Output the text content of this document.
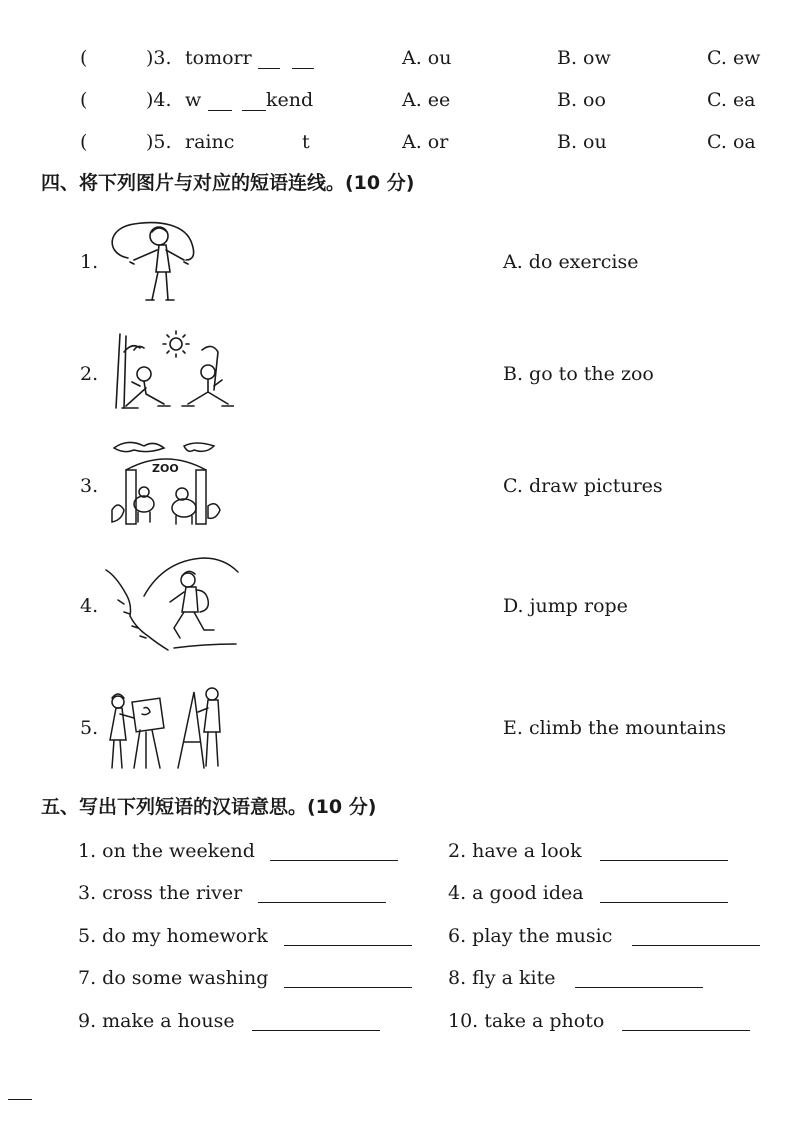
(	)3. tomorr	A. ou	B. ow	C. ew
(	)4. w	kend	A. ee	B. oo	C. ea
(	)5. rainc	t	A. or	B. ou	C. oa
四、将下列图片与对应的短语连线。(10 分)
1.
2.
3.
4.
5.
A. do exercise
B. go to the zoo
C. draw pictures
D. jump rope
E. climb the mountains
ZOO
五、写出下列短语的汉语意思。(10 分)
1. on the weekend	2. have a look
3. cross the river	4. a good idea
5. do my homework	6. play the music
7. do some washing	8. fly a kite
9. make a house	10. take a photo
